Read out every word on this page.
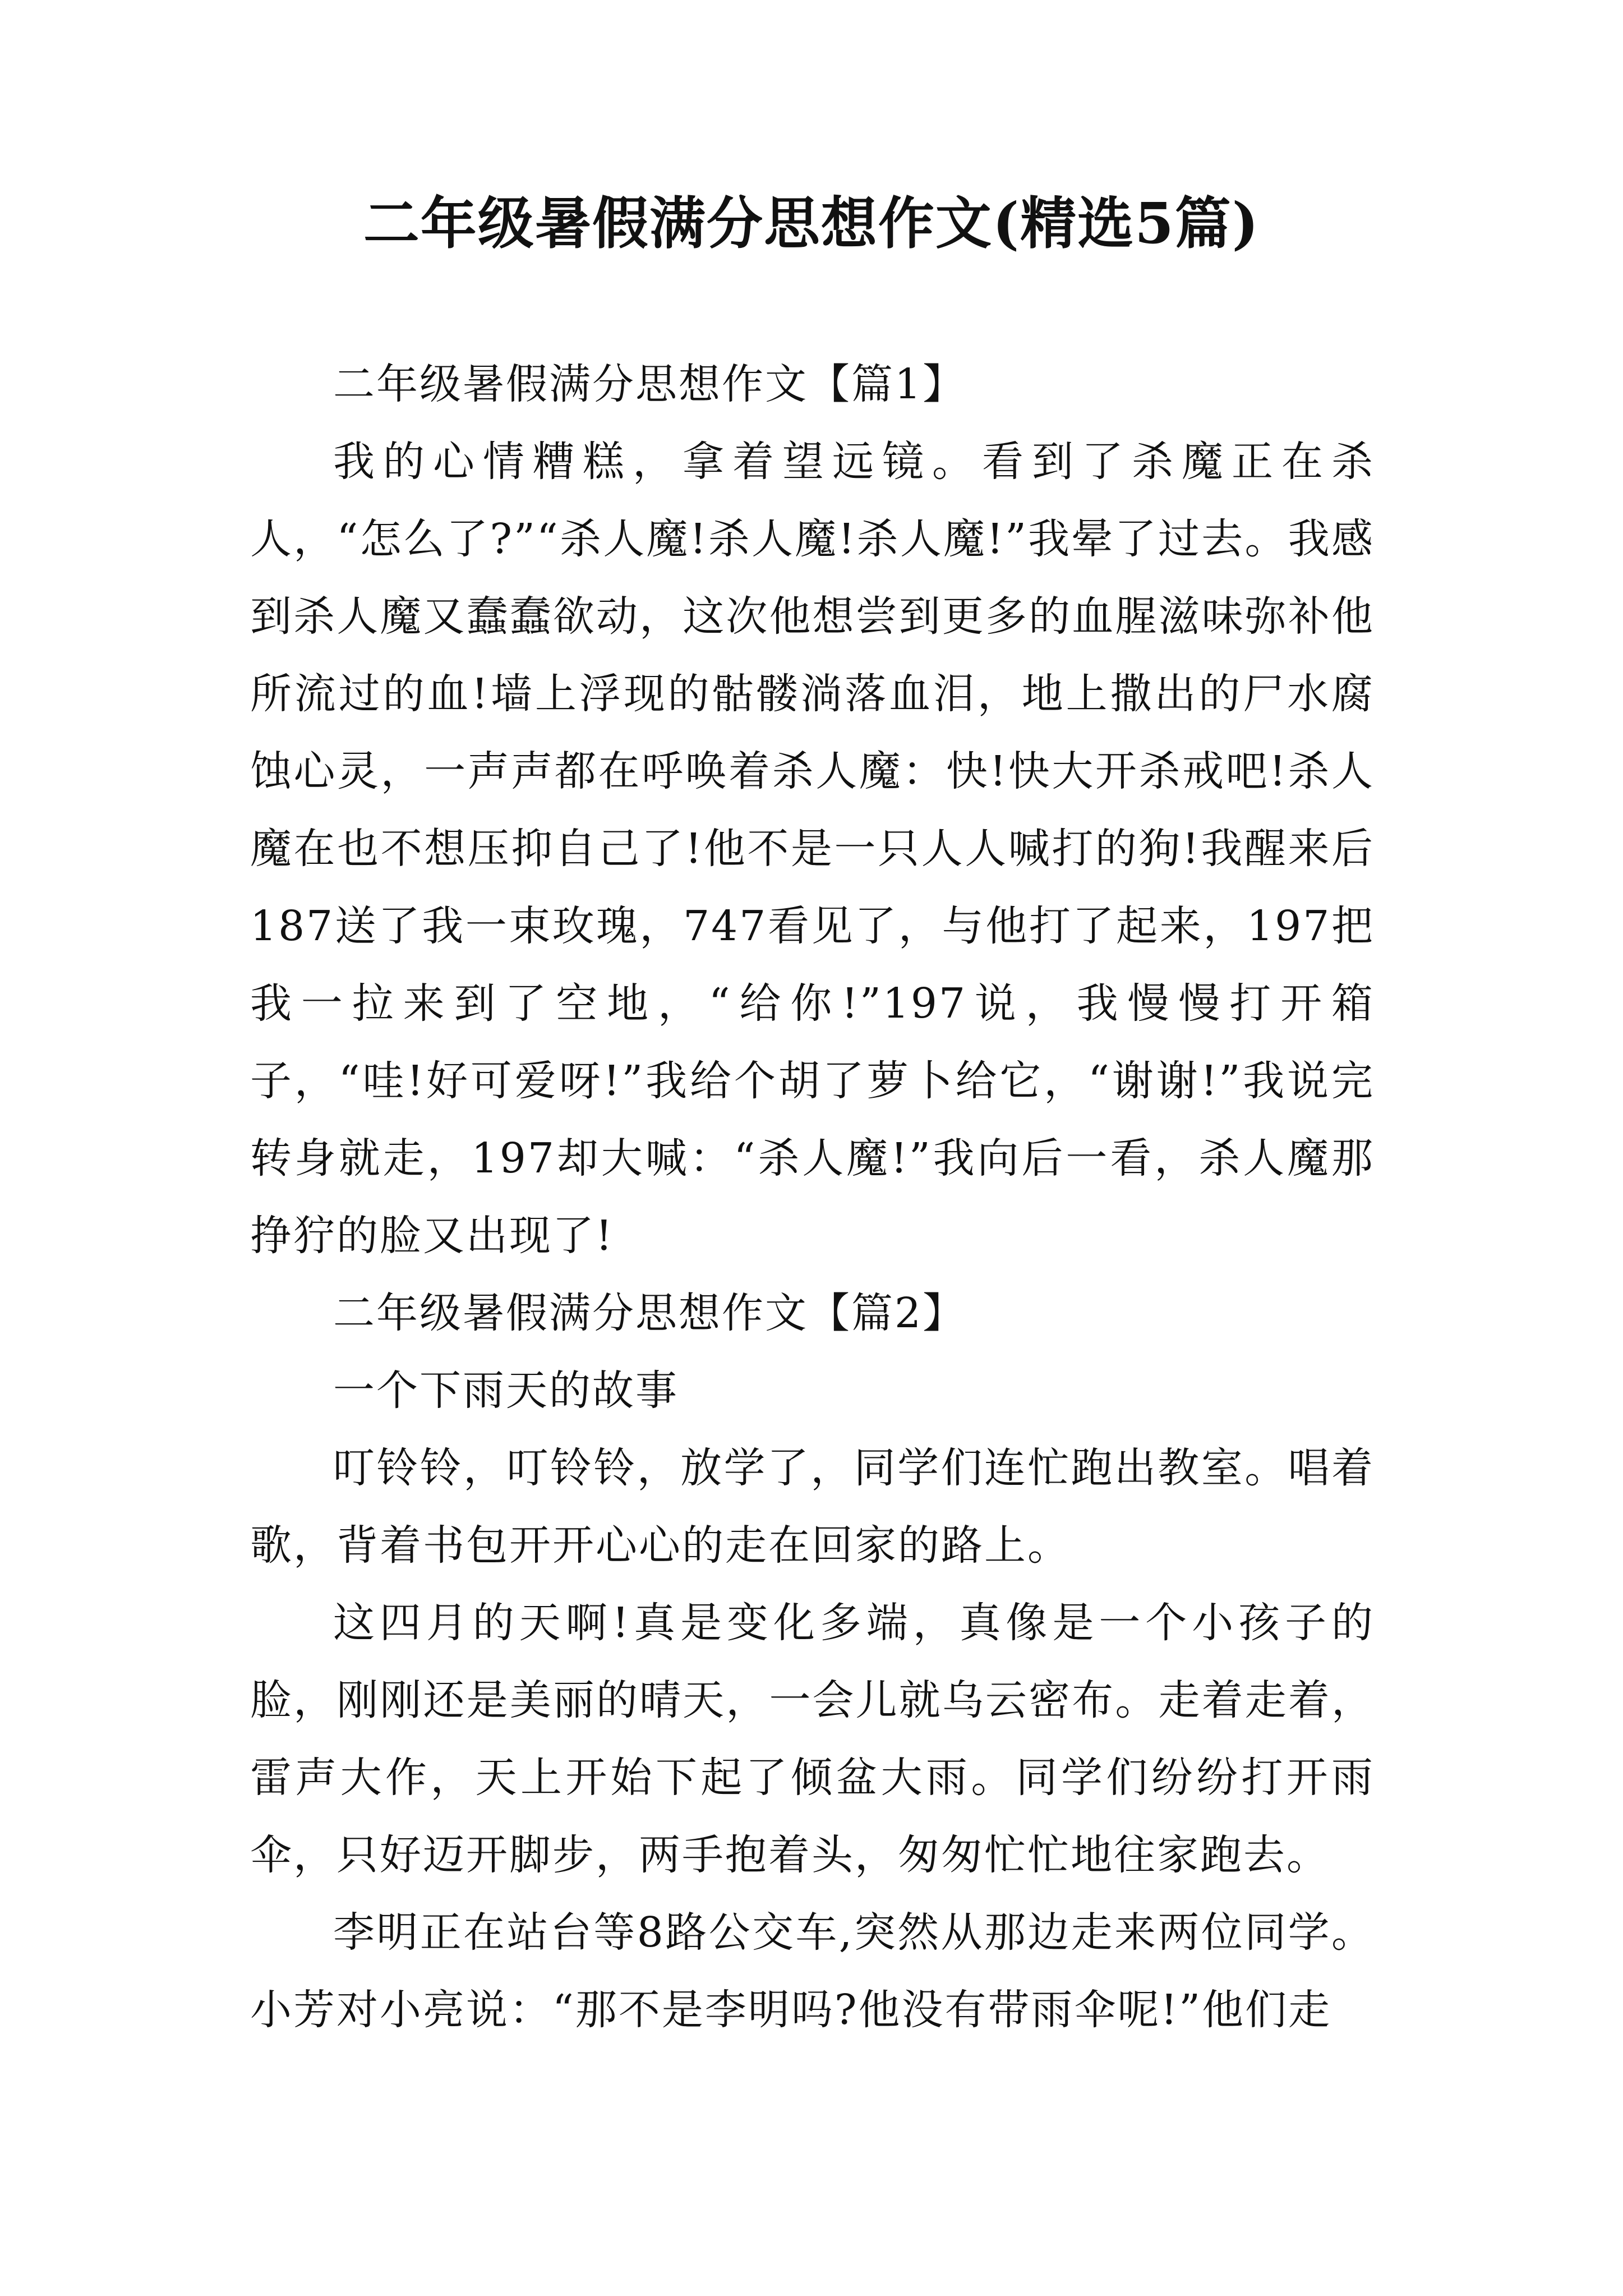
二年级暑假满分思想作文(精选5篇)

二年级暑假满分思想作文【篇1】

我的心情糟糕，拿着望远镜。看到了杀魔正在杀人，“怎么了?”“杀人魔!杀人魔!杀人魔!”我晕了过去。我感到杀人魔又蠢蠢欲动，这次他想尝到更多的血腥滋味弥补他所流过的血!墙上浮现的骷髅淌落血泪，地上撒出的尸水腐蚀心灵，一声声都在呼唤着杀人魔：快!快大开杀戒吧!杀人魔在也不想压抑自己了!他不是一只人人喊打的狗!我醒来后187送了我一束玫瑰，747看见了，与他打了起来，197把我一拉来到了空地，“给你!”197说，我慢慢打开箱子，“哇!好可爱呀!”我给个胡了萝卜给它，“谢谢!”我说完转身就走，197却大喊：“杀人魔!”我向后一看，杀人魔那挣狞的脸又出现了!

二年级暑假满分思想作文【篇2】

一个下雨天的故事

叮铃铃，叮铃铃，放学了，同学们连忙跑出教室。唱着歌，背着书包开开心心的走在回家的路上。

这四月的天啊!真是变化多端，真像是一个小孩子的脸，刚刚还是美丽的晴天，一会儿就乌云密布。走着走着，雷声大作，天上开始下起了倾盆大雨。同学们纷纷打开雨伞，只好迈开脚步，两手抱着头，匆匆忙忙地往家跑去。

李明正在站台等8路公交车,突然从那边走来两位同学。小芳对小亮说：“那不是李明吗?他没有带雨伞呢!”他们走
